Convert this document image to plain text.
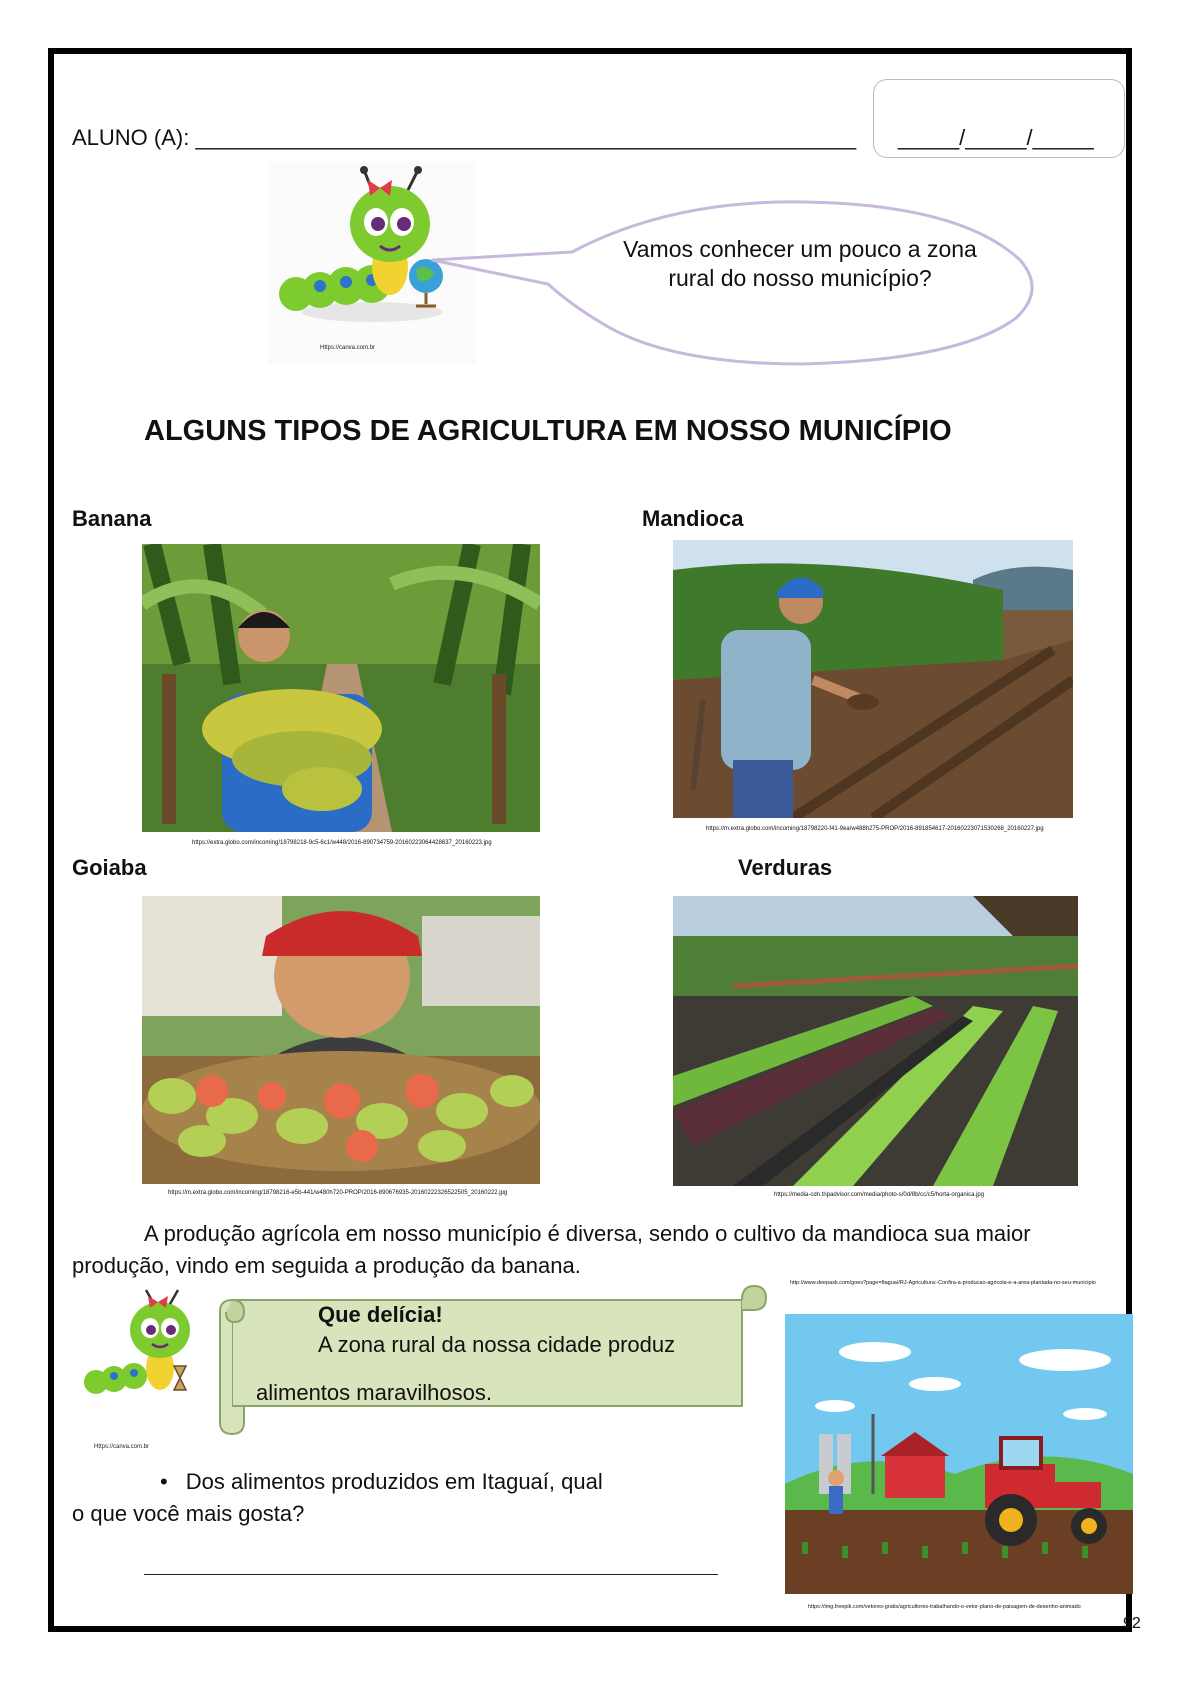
ALUNO (A): ______________________________________________________ _____/_____/_____
Https://canva.com.br
Vamos conhecer um pouco a zona rural do nosso município?
ALGUNS TIPOS DE AGRICULTURA EM NOSSO MUNICÍPIO
Banana	Mandioca
Goiaba	Verduras
https://extra.globo.com/incoming/18798218-9c5-6c1/w448/2016-890734759-20160223064428637_20160223.jpg
https://m.extra.globo.com/incoming/18798220-f41-9ea/w488h275-PROP/2016-891854617-20160223071530268_20160227.jpg
https://m.extra.globo.com/incoming/18798216-e5b-441/w480h720-PROP/2016-890676935-20160222326522505_20160222.jpg	https://media-cdn.tripadvisor.com/media/photo-s/0d/8b/cc/c5/horta-organica.jpg
A produção agrícola em nosso município é diversa, sendo o cultivo da mandioca sua maior produção, vindo em seguida a produção da banana.
Https://canva.com.br
Que delícia!
A zona rural da nossa cidade produz
alimentos maravilhosos.
http://www.deepask.com/goes?page=Itaguaí/RJ-Agricultura:-Confira-a-producao-agricola-e-a-area-plantada-no-seu-municipio
https://img.freepik.com/vetores-gratis/agricultores-trabalhando-o-vetor-plano-de-paisagem-de-desenho-animado
• Dos alimentos produzidos em Itaguaí, qual
o que você mais gosta?
92
